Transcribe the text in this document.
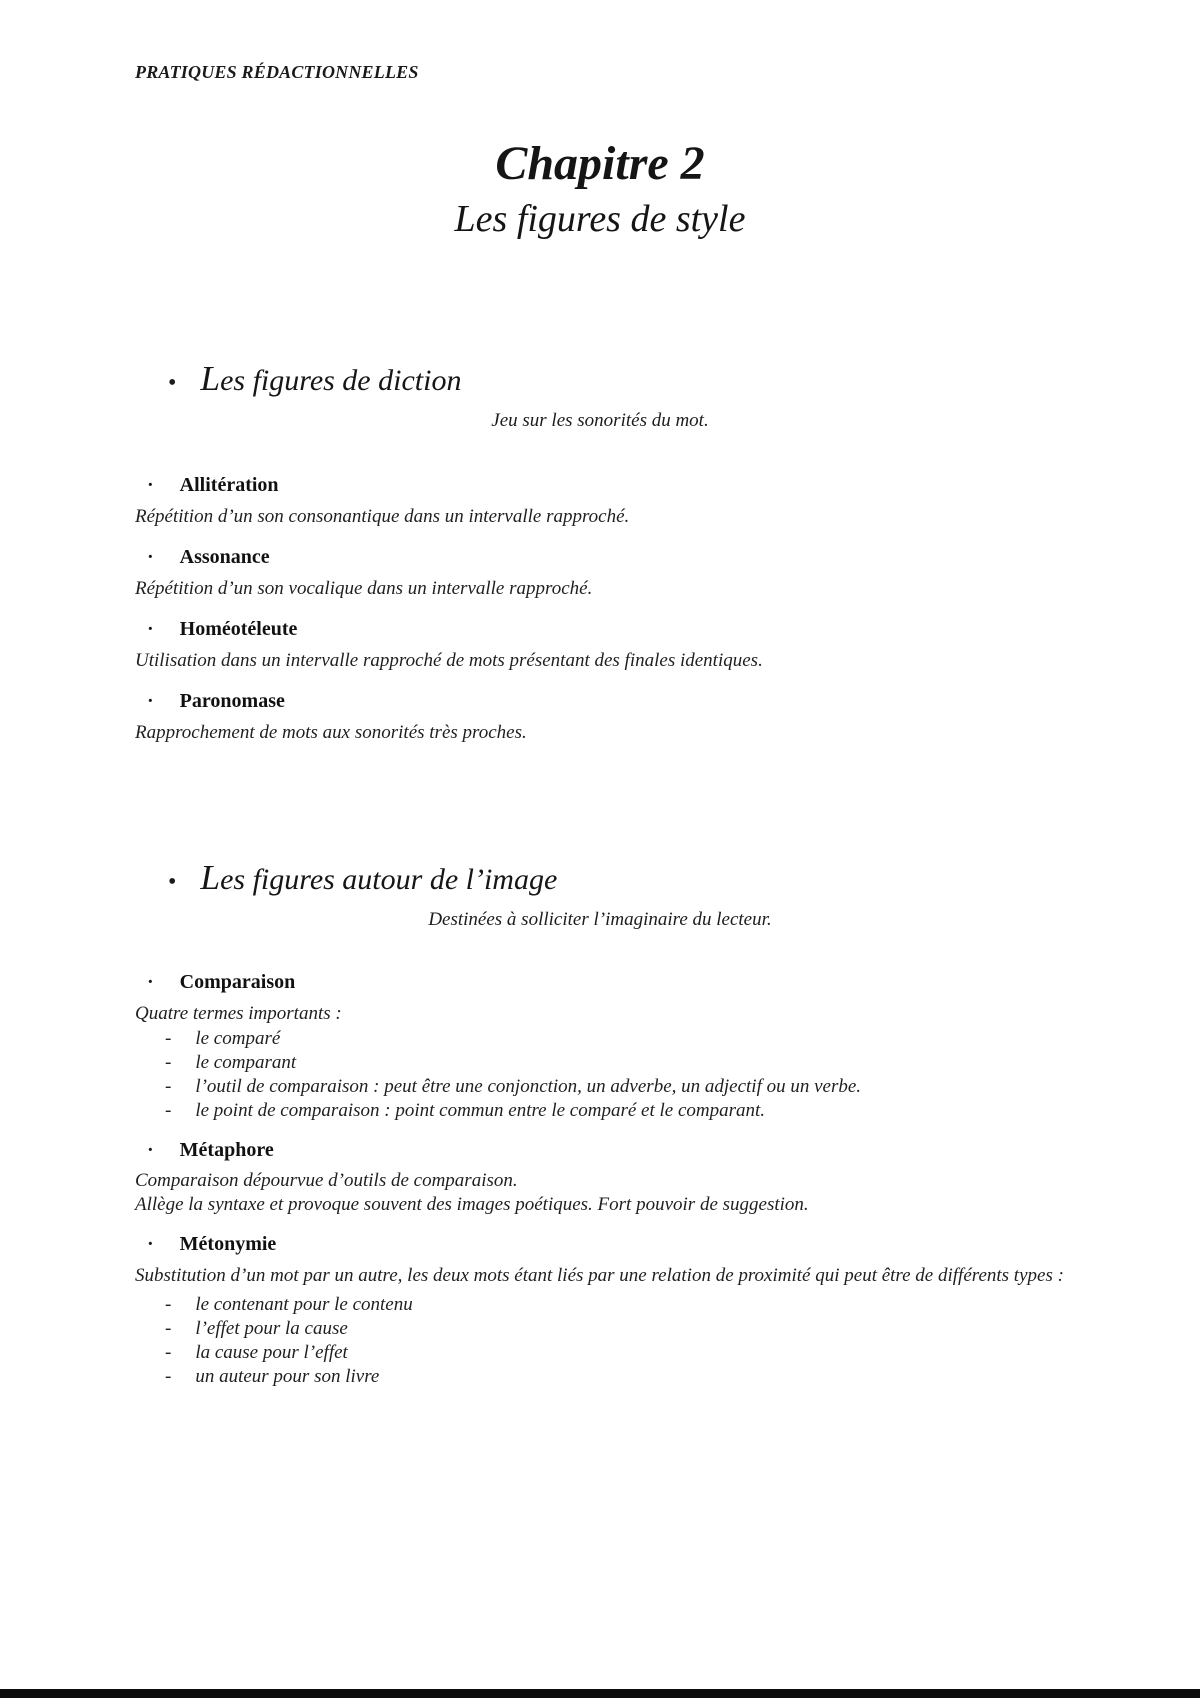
PRATIQUES RÉDACTIONNELLES
Chapitre 2
Les figures de style
• Les figures de diction
Jeu sur les sonorités du mot.
· Allitération

Répétition d’un son consonantique dans un intervalle rapproché.

· Assonance

Répétition d’un son vocalique dans un intervalle rapproché.

· Homéotéleute

Utilisation dans un intervalle rapproché de mots présentant des finales identiques.

· Paronomase

Rapprochement de mots aux sonorités très proches.

• Les figures autour de l’image
Destinées à solliciter l’imaginaire du lecteur.
· Comparaison

Quatre termes importants :

- le comparé
- le comparant
- l’outil de comparaison : peut être une conjonction, un adverbe, un adjectif ou un verbe.
- le point de comparaison : point commun entre le comparé et le comparant.
· Métaphore

Comparaison dépourvue d’outils de comparaison.

Allège la syntaxe et provoque souvent des images poétiques. Fort pouvoir de suggestion.

· Métonymie

Substitution d’un mot par un autre, les deux mots étant liés par une relation de proximité qui peut être de différents types :

- le contenant pour le contenu
- l’effet pour la cause
- la cause pour l’effet
- un auteur pour son livre
